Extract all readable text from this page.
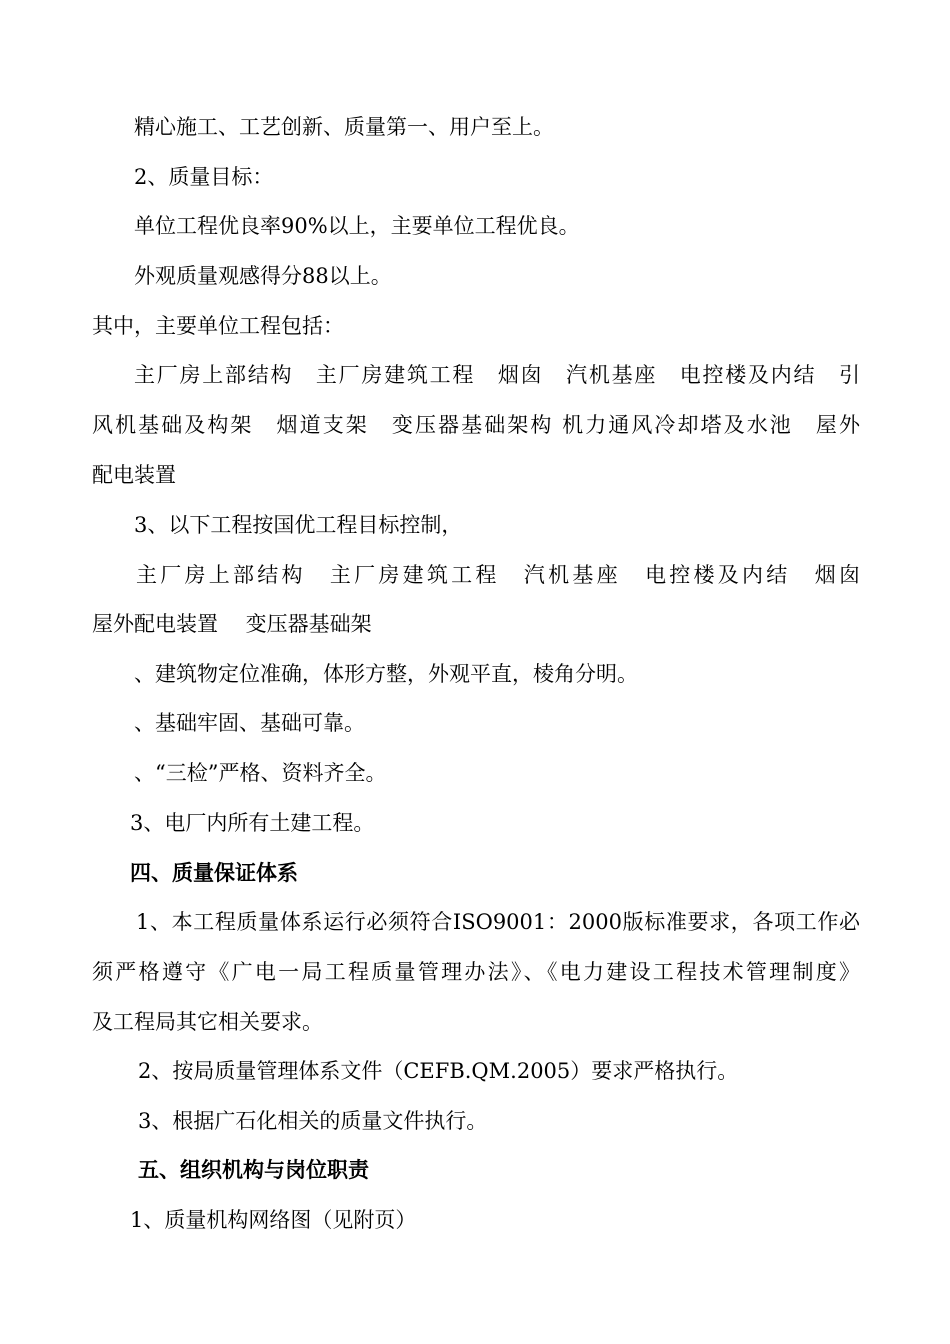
精心施工、工艺创新、质量第一、用户至上。
2、质量目标：
单位工程优良率90%以上，主要单位工程优良。
外观质量观感得分88以上。
其中，主要单位工程包括：
主厂房上部结构　主厂房建筑工程　烟囱　汽机基座　电控楼及内结　引
风机基础及构架　烟道支架　变压器基础架构 机力通风冷却塔及水池　屋外
配电装置
3、以下工程按国优工程目标控制，
主厂房上部结构　主厂房建筑工程　汽机基座　电控楼及内结　烟囱
屋外配电装置　 变压器基础架
、建筑物定位准确，体形方整，外观平直，棱角分明。
、基础牢固、基础可靠。
、“三检”严格、资料齐全。
3、电厂内所有土建工程。
四、质量保证体系
1、本工程质量体系运行必须符合ISO9001：2000版标准要求，各项工作必
须严格遵守《广电一局工程质量管理办法》、《电力建设工程技术管理制度》
及工程局其它相关要求。
2、按局质量管理体系文件（CEFB.QM.2005）要求严格执行。
3、根据广石化相关的质量文件执行。
五、组织机构与岗位职责
1、质量机构网络图（见附页）
